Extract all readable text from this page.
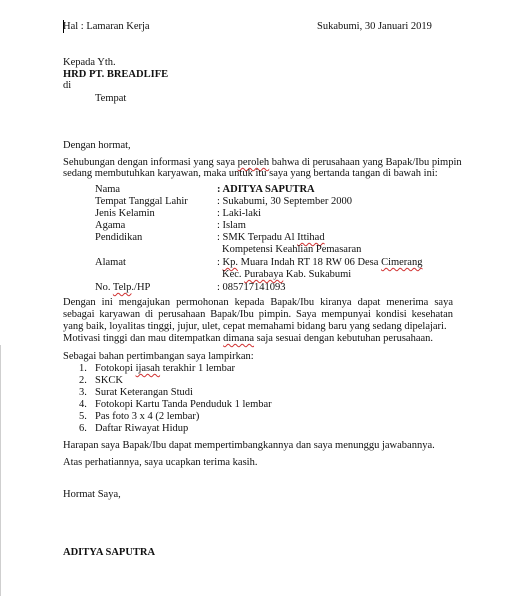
Hal : Lamaran Kerja	Sukabumi, 30 Januari 2019
Kepada Yth.
HRD PT. BREADLIFE
di
Tempat
Dengan hormat,
Sehubungan dengan informasi yang saya peroleh bahwa di perusahaan yang Bapak/Ibu pimpin
sedang membutuhkan karyawan, maka untuk itu saya yang bertanda tangan di bawah ini:
Nama	: ADITYA SAPUTRA
Tempat Tanggal Lahir	: Sukabumi, 30 September 2000
Jenis Kelamin	: Laki-laki
Agama	: Islam
Pendidikan	: SMK Terpadu Al Ittihad
Kompetensi Keahlian Pemasaran
Alamat	: Kp. Muara Indah RT 18 RW 06 Desa Cimerang
Kec. Purabaya Kab. Sukabumi
No. Telp./HP	: 085717141093
Dengan ini mengajukan permohonan kepada Bapak/Ibu kiranya dapat menerima saya sebagai karyawan di perusahaan Bapak/Ibu pimpin. Saya mempunyai kondisi kesehatan yang baik, loyalitas tinggi, jujur, ulet, cepat memahami bidang baru yang sedang dipelajari.
Motivasi tinggi dan mau ditempatkan dimana saja sesuai dengan kebutuhan perusahaan.
Sebagai bahan pertimbangan saya lampirkan:
1. Fotokopi ijasah terakhir 1 lembar
2. SKCK
3. Surat Keterangan Studi
4. Fotokopi Kartu Tanda Penduduk 1 lembar
5. Pas foto 3 x 4 (2 lembar)
6. Daftar Riwayat Hidup
Harapan saya Bapak/Ibu dapat mempertimbangkannya dan saya menunggu jawabannya.
Atas perhatiannya, saya ucapkan terima kasih.
Hormat Saya,
ADITYA SAPUTRA
